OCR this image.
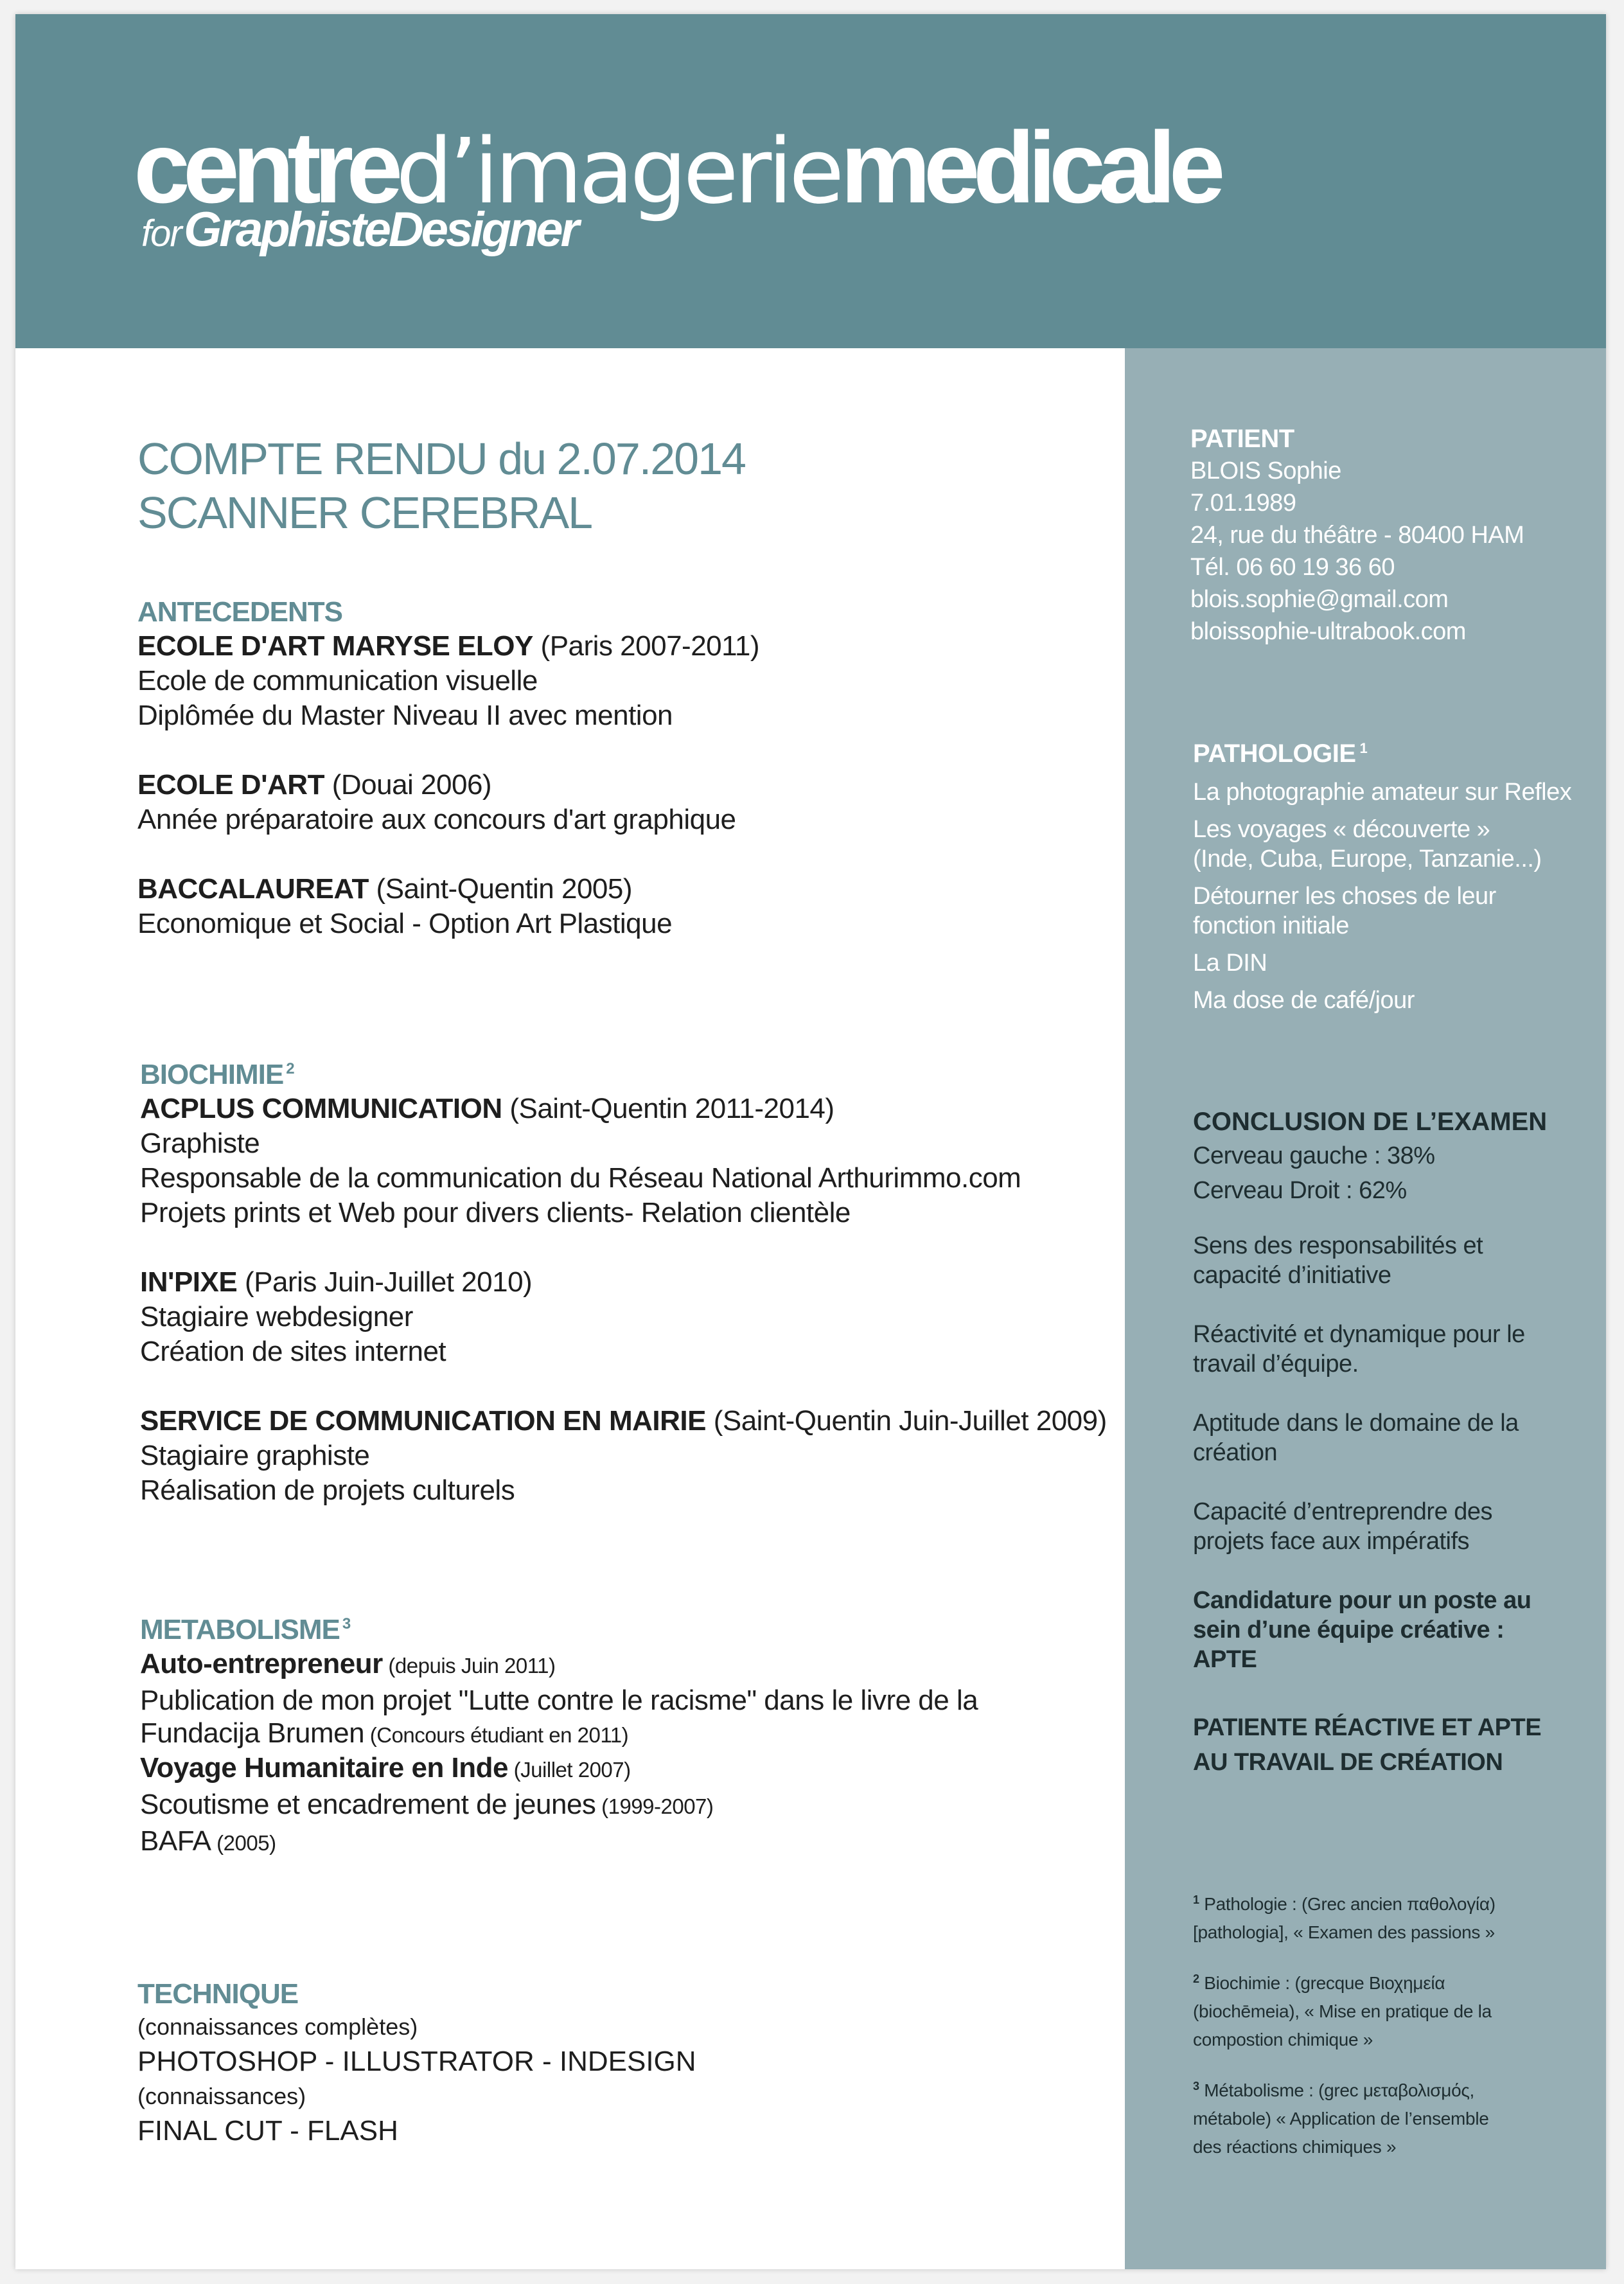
centred’imageriemedicale
for GraphisteDesigner
COMPTE RENDU du 2.07.2014
SCANNER CEREBRAL
ANTECEDENTS
ECOLE D'ART MARYSE ELOY (Paris 2007-2011)
Ecole de communication visuelle
Diplômée du Master Niveau II avec mention
ECOLE D'ART (Douai 2006)
Année préparatoire aux concours d'art graphique
BACCALAUREAT (Saint-Quentin 2005)
Economique et Social - Option Art Plastique
BIOCHIMIE $^2$
ACPLUS COMMUNICATION (Saint-Quentin 2011-2014)
Graphiste
Responsable de la communication du Réseau National Arthurimmo.com
Projets prints et Web pour divers clients- Relation clientèle
IN'PIXE (Paris Juin-Juillet 2010)
Stagiaire webdesigner
Création de sites internet
SERVICE DE COMMUNICATION EN MAIRIE (Saint-Quentin Juin-Juillet 2009)
Stagiaire graphiste
Réalisation de projets culturels
METABOLISME $^3$
Auto-entrepreneur (depuis Juin 2011)
Publication de mon projet "Lutte contre le racisme" dans le livre de la
Fundacija Brumen (Concours étudiant en 2011)
Voyage Humanitaire en Inde (Juillet 2007)
Scoutisme et encadrement de jeunes (1999-2007)
BAFA (2005)
TECHNIQUE
(connaissances complètes)
PHOTOSHOP - ILLUSTRATOR - INDESIGN
(connaissances)
FINAL CUT - FLASH
PATIENT
BLOIS Sophie
7.01.1989
24, rue du théâtre - 80400 HAM
Tél. 06 60 19 36 60
blois.sophie@gmail.com
bloissophie-ultrabook.com
PATHOLOGIE $^1$
La photographie amateur sur Reflex
Les voyages « découverte »
(Inde, Cuba, Europe, Tanzanie...)
Détourner les choses de leur
fonction initiale
La DIN
Ma dose de café/jour
CONCLUSION DE L’EXAMEN
Cerveau gauche : 38%
Cerveau Droit : 62%
Sens des responsabilités et
capacité d’initiative
Réactivité et dynamique pour le
travail d’équipe.
Aptitude dans le domaine de la
création
Capacité d’entreprendre des
projets face aux impératifs
Candidature pour un poste au
sein d’une équipe créative :
APTE
PATIENTE RÉACTIVE ET APTE
AU TRAVAIL DE CRÉATION
$^1$ Pathologie : (Grec ancien παθολογία)
[pathologia], « Examen des passions »
$^2$ Biochimie : (grecque Βιοχημεία
(biochēmeia), « Mise en pratique de la
compostion chimique »
$^3$ Métabolisme : (grec μεταβολισμός,
métabole) « Application de l’ensemble
des réactions chimiques »
